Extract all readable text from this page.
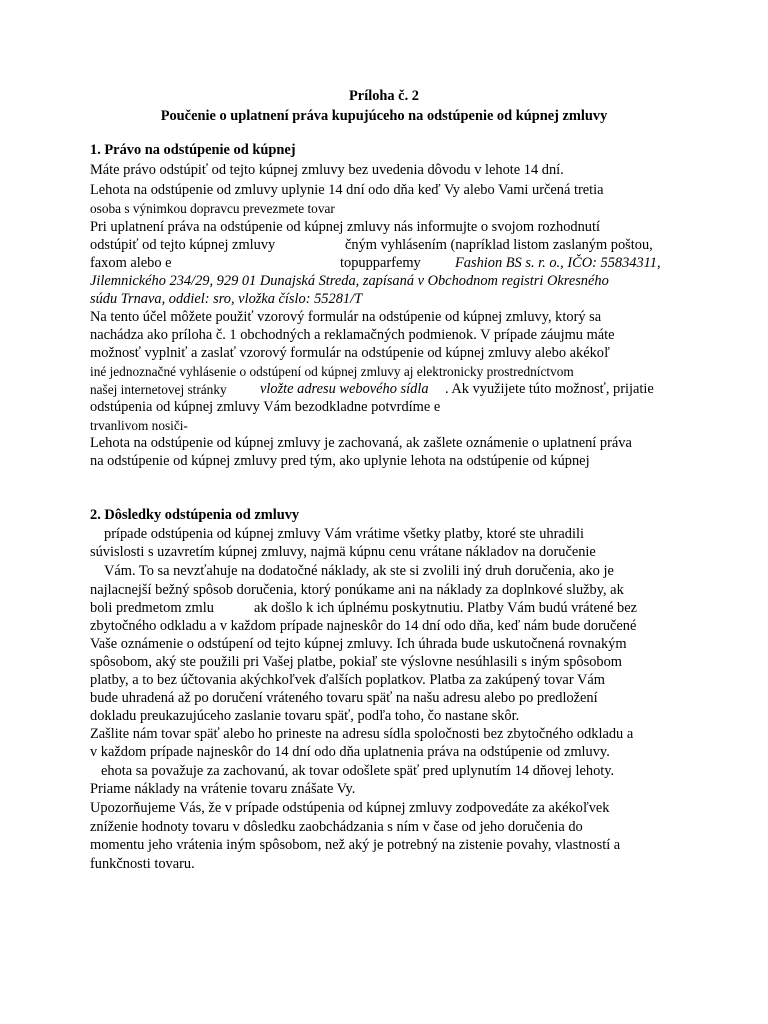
Príloha č. 2
Poučenie o uplatnení práva kupujúceho na odstúpenie od kúpnej zmluvy
1. Právo na odstúpenie od kúpnej
Máte právo odstúpiť od tejto kúpnej zmluvy bez uvedenia dôvodu v lehote 14 dní.
Lehota na odstúpenie od zmluvy uplynie 14 dní odo dňa keď Vy alebo Vami určená tretia
osoba s výnimkou dopravcu prevezmete tovar
Pri uplatnení práva na odstúpenie od kúpnej zmluvy nás informujte o svojom rozhodnutí
odstúpiť od tejto kúpnej zmluvy	čným vyhlásením (napríklad listom zaslaným poštou,
faxom alebo e	topupparfemy Fashion BS s. r. o., IČO: 55834311,
Jilemnického 234/29, 929 01 Dunajská Streda, zapísaná v Obchodnom registri Okresného
súdu Trnava, oddiel: sro, vložka číslo: 55281/T
Na tento účel môžete použiť vzorový formulár na odstúpenie od kúpnej zmluvy, ktorý sa
nachádza ako príloha č. 1 obchodných a reklamačných podmienok. V prípade záujmu máte
možnosť vyplniť a zaslať vzorový formulár na odstúpenie od kúpnej zmluvy alebo akékoľ
iné jednoznačné vyhlásenie o odstúpení od kúpnej zmluvy aj elektronicky prostredníctvom
našej internetovej stránky vložte adresu webového sídla . Ak využijete túto možnosť, prijatie
odstúpenia od kúpnej zmluvy Vám bezodkladne potvrdíme e
trvanlivom nosiči-
Lehota na odstúpenie od kúpnej zmluvy je zachovaná, ak zašlete oznámenie o uplatnení práva
na odstúpenie od kúpnej zmluvy pred tým, ako uplynie lehota na odstúpenie od kúpnej
2. Dôsledky odstúpenia od zmluvy
prípade odstúpenia od kúpnej zmluvy Vám vrátime všetky platby, ktoré ste uhradili
súvislosti s uzavretím kúpnej zmluvy, najmä kúpnu cenu vrátane nákladov na doručenie
Vám. To sa nevzťahuje na dodatočné náklady, ak ste si zvolili iný druh doručenia, ako je
najlacnejší bežný spôsob doručenia, ktorý ponúkame ani na náklady za doplnkové služby, ak
boli predmetom zmlu	ak došlo k ich úplnému poskytnutiu. Platby Vám budú vrátené bez
zbytočného odkladu a v každom prípade najneskôr do 14 dní odo dňa, keď nám bude doručené
Vaše oznámenie o odstúpení od tejto kúpnej zmluvy. Ich úhrada bude uskutočnená rovnakým
spôsobom, aký ste použili pri Vašej platbe, pokiaľ ste výslovne nesúhlasili s iným spôsobom
platby, a to bez účtovania akýchkoľvek ďalších poplatkov. Platba za zakúpený tovar Vám
bude uhradená až po doručení vráteného tovaru späť na našu adresu alebo po predložení
dokladu preukazujúceho zaslanie tovaru späť, podľa toho, čo nastane skôr.
Zašlite nám tovar späť alebo ho prineste na adresu sídla spoločnosti bez zbytočného odkladu a
v každom prípade najneskôr do 14 dní odo dňa uplatnenia práva na odstúpenie od zmluvy.
ehota sa považuje za zachovanú, ak tovar odošlete späť pred uplynutím 14 dňovej lehoty.
Priame náklady na vrátenie tovaru znášate Vy.
Upozorňujeme Vás, že v prípade odstúpenia od kúpnej zmluvy zodpovedáte za akékoľvek
zníženie hodnoty tovaru v dôsledku zaobchádzania s ním v čase od jeho doručenia do
momentu jeho vrátenia iným spôsobom, než aký je potrebný na zistenie povahy, vlastností a
funkčnosti tovaru.
